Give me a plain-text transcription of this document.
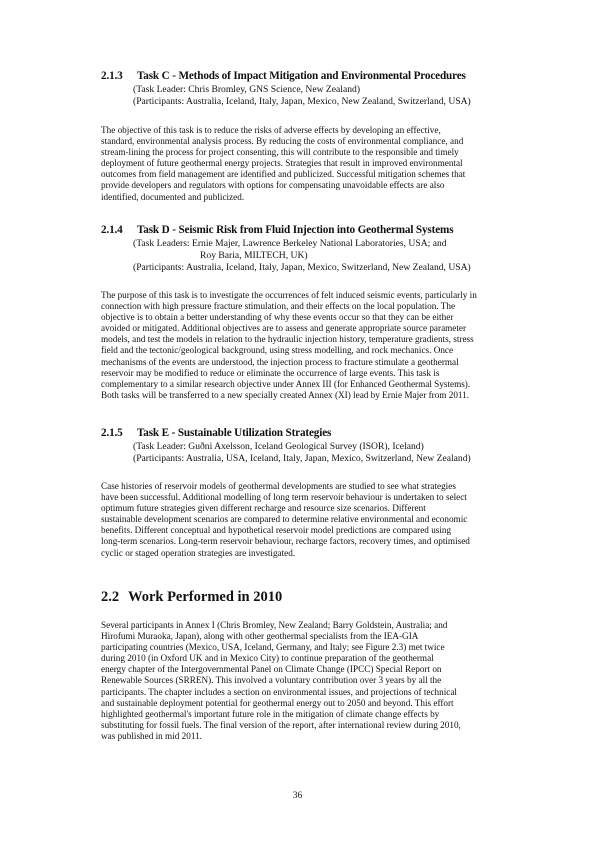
2.1.3 Task C - Methods of Impact Mitigation and Environmental Procedures
(Task Leader: Chris Bromley, GNS Science, New Zealand)
(Participants: Australia, Iceland, Italy, Japan, Mexico, New Zealand, Switzerland, USA)
The objective of this task is to reduce the risks of adverse effects by developing an effective,
standard, environmental analysis process. By reducing the costs of environmental compliance, and
stream-lining the process for project consenting, this will contribute to the responsible and timely
deployment of future geothermal energy projects. Strategies that result in improved environmental
outcomes from field management are identified and publicized. Successful mitigation schemes that
provide developers and regulators with options for compensating unavoidable effects are also
identified, documented and publicized.
2.1.4 Task D - Seismic Risk from Fluid Injection into Geothermal Systems
(Task Leaders: Ernie Majer, Lawrence Berkeley National Laboratories, USA; and
Roy Baria, MILTECH, UK)
(Participants: Australia, Iceland, Italy, Japan, Mexico, Switzerland, New Zealand, USA)
The purpose of this task is to investigate the occurrences of felt induced seismic events, particularly in
connection with high pressure fracture stimulation, and their effects on the local population. The
objective is to obtain a better understanding of why these events occur so that they can be either
avoided or mitigated. Additional objectives are to assess and generate appropriate source parameter
models, and test the models in relation to the hydraulic injection history, temperature gradients, stress
field and the tectonic/geological background, using stress modelling, and rock mechanics. Once
mechanisms of the events are understood, the injection process to fracture stimulate a geothermal
reservoir may be modified to reduce or eliminate the occurrence of large events. This task is
complementary to a similar research objective under Annex III (for Enhanced Geothermal Systems).
Both tasks will be transferred to a new specially created Annex (XI) lead by Ernie Majer from 2011.
2.1.5 Task E - Sustainable Utilization Strategies
(Task Leader: Guðni Axelsson, Iceland Geological Survey (ISOR), Iceland)
(Participants: Australia, USA, Iceland, Italy, Japan, Mexico, Switzerland, New Zealand)
Case histories of reservoir models of geothermal developments are studied to see what strategies
have been successful. Additional modelling of long term reservoir behaviour is undertaken to select
optimum future strategies given different recharge and resource size scenarios. Different
sustainable development scenarios are compared to determine relative environmental and economic
benefits. Different conceptual and hypothetical reservoir model predictions are compared using
long-term scenarios. Long-term reservoir behaviour, recharge factors, recovery times, and optimised
cyclic or staged operation strategies are investigated.
2.2 Work Performed in 2010
Several participants in Annex I (Chris Bromley, New Zealand; Barry Goldstein, Australia; and
Hirofumi Muraoka, Japan), along with other geothermal specialists from the IEA-GIA
participating countries (Mexico, USA, Iceland, Germany, and Italy; see Figure 2.3) met twice
during 2010 (in Oxford UK and in Mexico City) to continue preparation of the geothermal
energy chapter of the Intergovernmental Panel on Climate Change (IPCC) Special Report on
Renewable Sources (SRREN). This involved a voluntary contribution over 3 years by all the
participants. The chapter includes a section on environmental issues, and projections of technical
and sustainable deployment potential for geothermal energy out to 2050 and beyond. This effort
highlighted geothermal's important future role in the mitigation of climate change effects by
substituting for fossil fuels. The final version of the report, after international review during 2010,
was published in mid 2011.
36
